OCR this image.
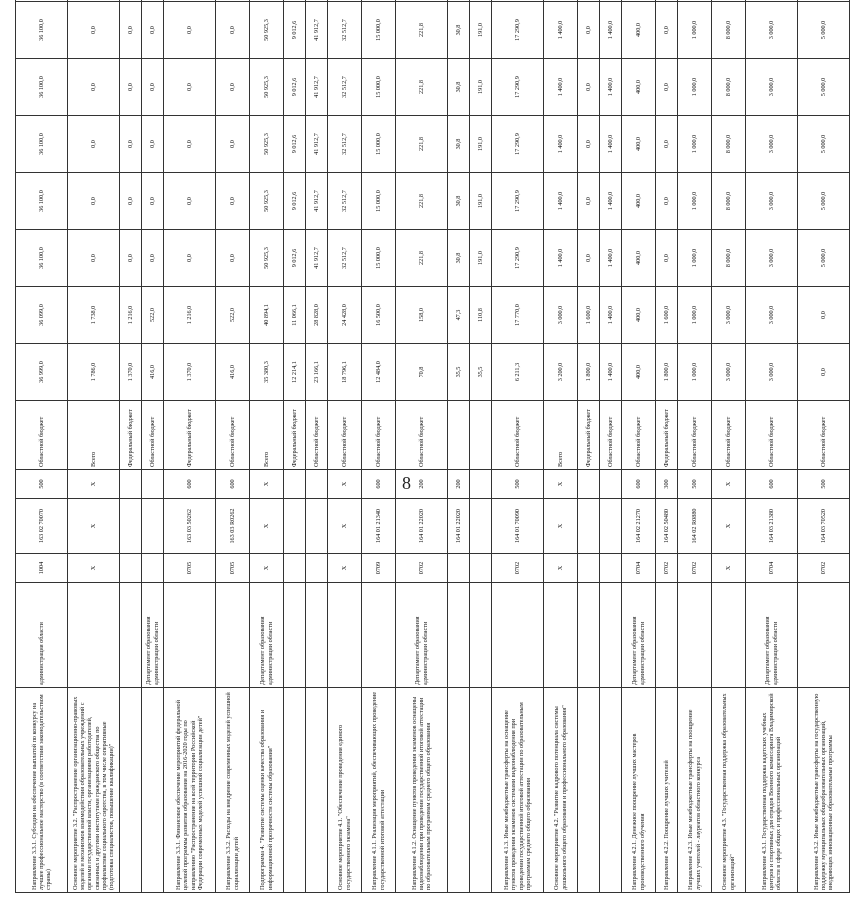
8
Направление 3.3.1. Субсидии на обеспечение выплатой по конкурсу на лучшее профессиональное мастерство (в соответствии законодательством страны)	администрация области	1004	163 02 70070	500	Областной бюджет	36 999,0	36 099,0	36 100,0	36 100,0	36 100,0	36 100,0	36 100,0	
Основное мероприятие 3.2. "Распространение организационно-правовых моделей и механизмов взаимодействия образовательных учреждений с органами государственной власти, организациями работодателей, связанных и другими институтами гражданского общества по профилактике социального сиротства, в том числе оперативные (подготовка специалистов, повышение квалификации)"		X	X	X	Всего	1 786,0	1 738,0	0,0	0,0	0,0	0,0	0,0	
					Федеральный бюджет	1 370,0	1 216,0	0,0	0,0	0,0	0,0	0,0	
	Департамент образования администрации области				Областной бюджет	416,0	522,0	0,0	0,0	0,0	0,0	0,0	
Направление 3.3.1. Финансовое обеспечение мероприятий федеральной целевой программы развития образования на 2016-2020 годы по направлению "Распространение на всей территории Российской Федерации современных моделей успешной социализации детей"		0705	163 03 50262	600	Федеральный бюджет	1 370,0	1 216,0	0,0	0,0	0,0	0,0	0,0	
Направление 3.3.2. Расходы на внедрение современных моделей успешной социализации детей		0705	163 03 R0262	600	Областной бюджет	416,0	522,0	0,0	0,0	0,0	0,0	0,0	
Подпрограмма 4. "Развитие системы оценки качества образования и информационной прозрачности системы образования"	Департамент образования администрации области	X	X	X	Всего	35 380,3	40 894,1	50 925,3	50 925,3	50 925,3	50 925,3	50 925,3	
					Федеральный бюджет	12 214,1	11 066,1	9 012,6	9 012,6	9 012,6	9 012,6	9 012,6	
					Областной бюджет	23 166,1	28 828,0	41 912,7	41 912,7	41 912,7	41 912,7	41 912,7	
Основное мероприятие 4.1. "Обеспечение проведения единого государственного экзамена"		X	X	X	Областной бюджет	18 796,1	24 428,0	32 512,7	32 512,7	32 512,7	32 512,7	32 512,7	
Направление 4.1.1. Реализация мероприятий, обеспечивающих проведение государственной итоговой аттестации		0709	164 01 21340	600	Областной бюджет	12 484,0	16 500,0	15 000,0	15 000,0	15 000,0	15 000,0	15 000,0	
Направление 4.1.2. Оснащение пунктов проведения экзаменов оснащены видеонаблюдения при проведении государственной итоговой аттестации по образовательным программам среднего общего образования	Департамент образования администрации области	0702	164 01 22020	200	Областной бюджет	70,8	158,0	221,8	221,8	221,8	221,8	221,8	
			164 01 22020	200		35,5	47,3	30,8	30,8	30,8	30,8	30,8	
						35,5	110,8	191,0	191,0	191,0	191,0	191,0	
Направление 4.1.3. Иные межбюджетные трансферты на оснащение пунктов проведения экзаменов системами видеонаблюдения при проведении государственной итоговой аттестации по образовательным программам среднего общего образования		0702	164 01 70090	500	Областной бюджет	6 211,3	17 770,0	17 290,9	17 290,9	17 290,9	17 290,9	17 290,9	
Основное мероприятие 4.2. "Развитие кадрового потенциала системы дошкольного общего образования и профессионального образования"		X	X	X	Всего	3 200,0	3 000,0	1 400,0	1 400,0	1 400,0	1 400,0	1 400,0	
					Федеральный бюджет	1 800,0	1 600,0	0,0	0,0	0,0	0,0	0,0	
					Областной бюджет	1 400,0	1 400,0	1 400,0	1 400,0	1 400,0	1 400,0	1 400,0	
Направление 4.2.1. Денежное поощрение лучших мастеров производственного обучения	Департамент образования администрации области	0704	164 02 21270	600	Областной бюджет	400,0	400,0	400,0	400,0	400,0	400,0	400,0	
Направление 4.2.2. Поощрение лучших учителей		0702	164 02 50480	300	Федеральный бюджет	1 800,0	1 600,0	0,0	0,0	0,0	0,0	0,0	
Направление 4.2.3. Иные межбюджетные трансферты на поощрение лучших учителей - лауреатов областного конкурса		0702	164 02 R0880	500	Областной бюджет	1 000,0	1 000,0	1 000,0	1 000,0	1 000,0	1 000,0	1 000,0	
Основное мероприятие 4.3. "Государственная поддержка образовательных организаций"		X	X	X	Областной бюджет	3 000,0	3 000,0	8 000,0	8 000,0	8 000,0	8 000,0	8 000,0	
Направление 4.3.1. Государственная поддержка кадетских учебных центров и спортивных для отрядов Военного комиссариата Владимирской области в сфере общих и профессиональных организаций	Департамент образования администрации области	0704	164 03 21380	600	Областной бюджет	3 000,0	3 000,0	3 000,0	3 000,0	3 000,0	3 000,0	3 000,0	
Направление 4.3.2. Иные межбюджетные трансферты на государственную поддержку муниципальных общеобразовательных организаций, внедряющих инновационные образовательные программы		0702	164 03 70520	500	Областной бюджет	0,0	0,0	5 000,0	5 000,0	5 000,0	5 000,0	5 000,0	
